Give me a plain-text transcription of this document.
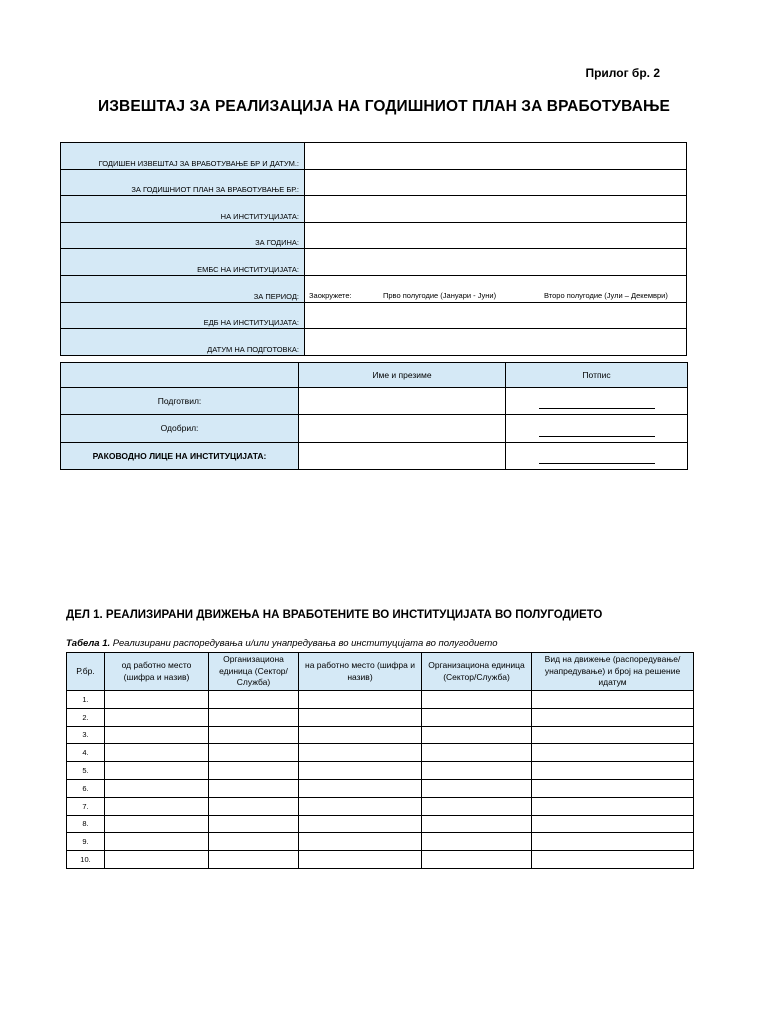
Прилог бр. 2
ИЗВЕШТАЈ ЗА РЕАЛИЗАЦИЈА НА ГОДИШНИОТ ПЛАН ЗА ВРАБОТУВАЊЕ
ГОДИШЕН ИЗВЕШТАЈ ЗА ВРАБОТУВАЊЕ БР И ДАТУМ.:	
ЗА ГОДИШНИОТ ПЛАН ЗА ВРАБОТУВАЊЕ БР.:	
НА ИНСТИТУЦИЈАТА:	
ЗА ГОДИНА:	
ЕМБС НА ИНСТИТУЦИЈАТА:	
ЗА ПЕРИОД:	Заокружете: Прво полугодие (Јануари - Јуни) Второ полугодие (Јули – Декември)

ЕДБ НА ИНСТИТУЦИЈАТА:	
ДАТУМ НА ПОДГОТОВКА:	
	Име и презиме	Потпис
Подготвил:		
Одобрил:		
РАКОВОДНО ЛИЦЕ НА ИНСТИТУЦИЈАТА:		
ДЕЛ 1. РЕАЛИЗИРАНИ ДВИЖЕЊА НА ВРАБОТЕНИТЕ ВО ИНСТИТУЦИЈАТА ВО ПОЛУГОДИЕТО
Табела 1. Реализирани распоредувања и/или унапредувања во институцијата во полугодието
Р.бр.	од работно место (шифра и назив)	Организациона единица (Сектор/Служба)	на работно место (шифра и назив)	Организациона единица (Сектор/Служба)	Вид на движење (распоредување/унапредување) и број на решение идатум
1.					
2.					
3.					
4.					
5.					
6.					
7.					
8.					
9.					
10.					
